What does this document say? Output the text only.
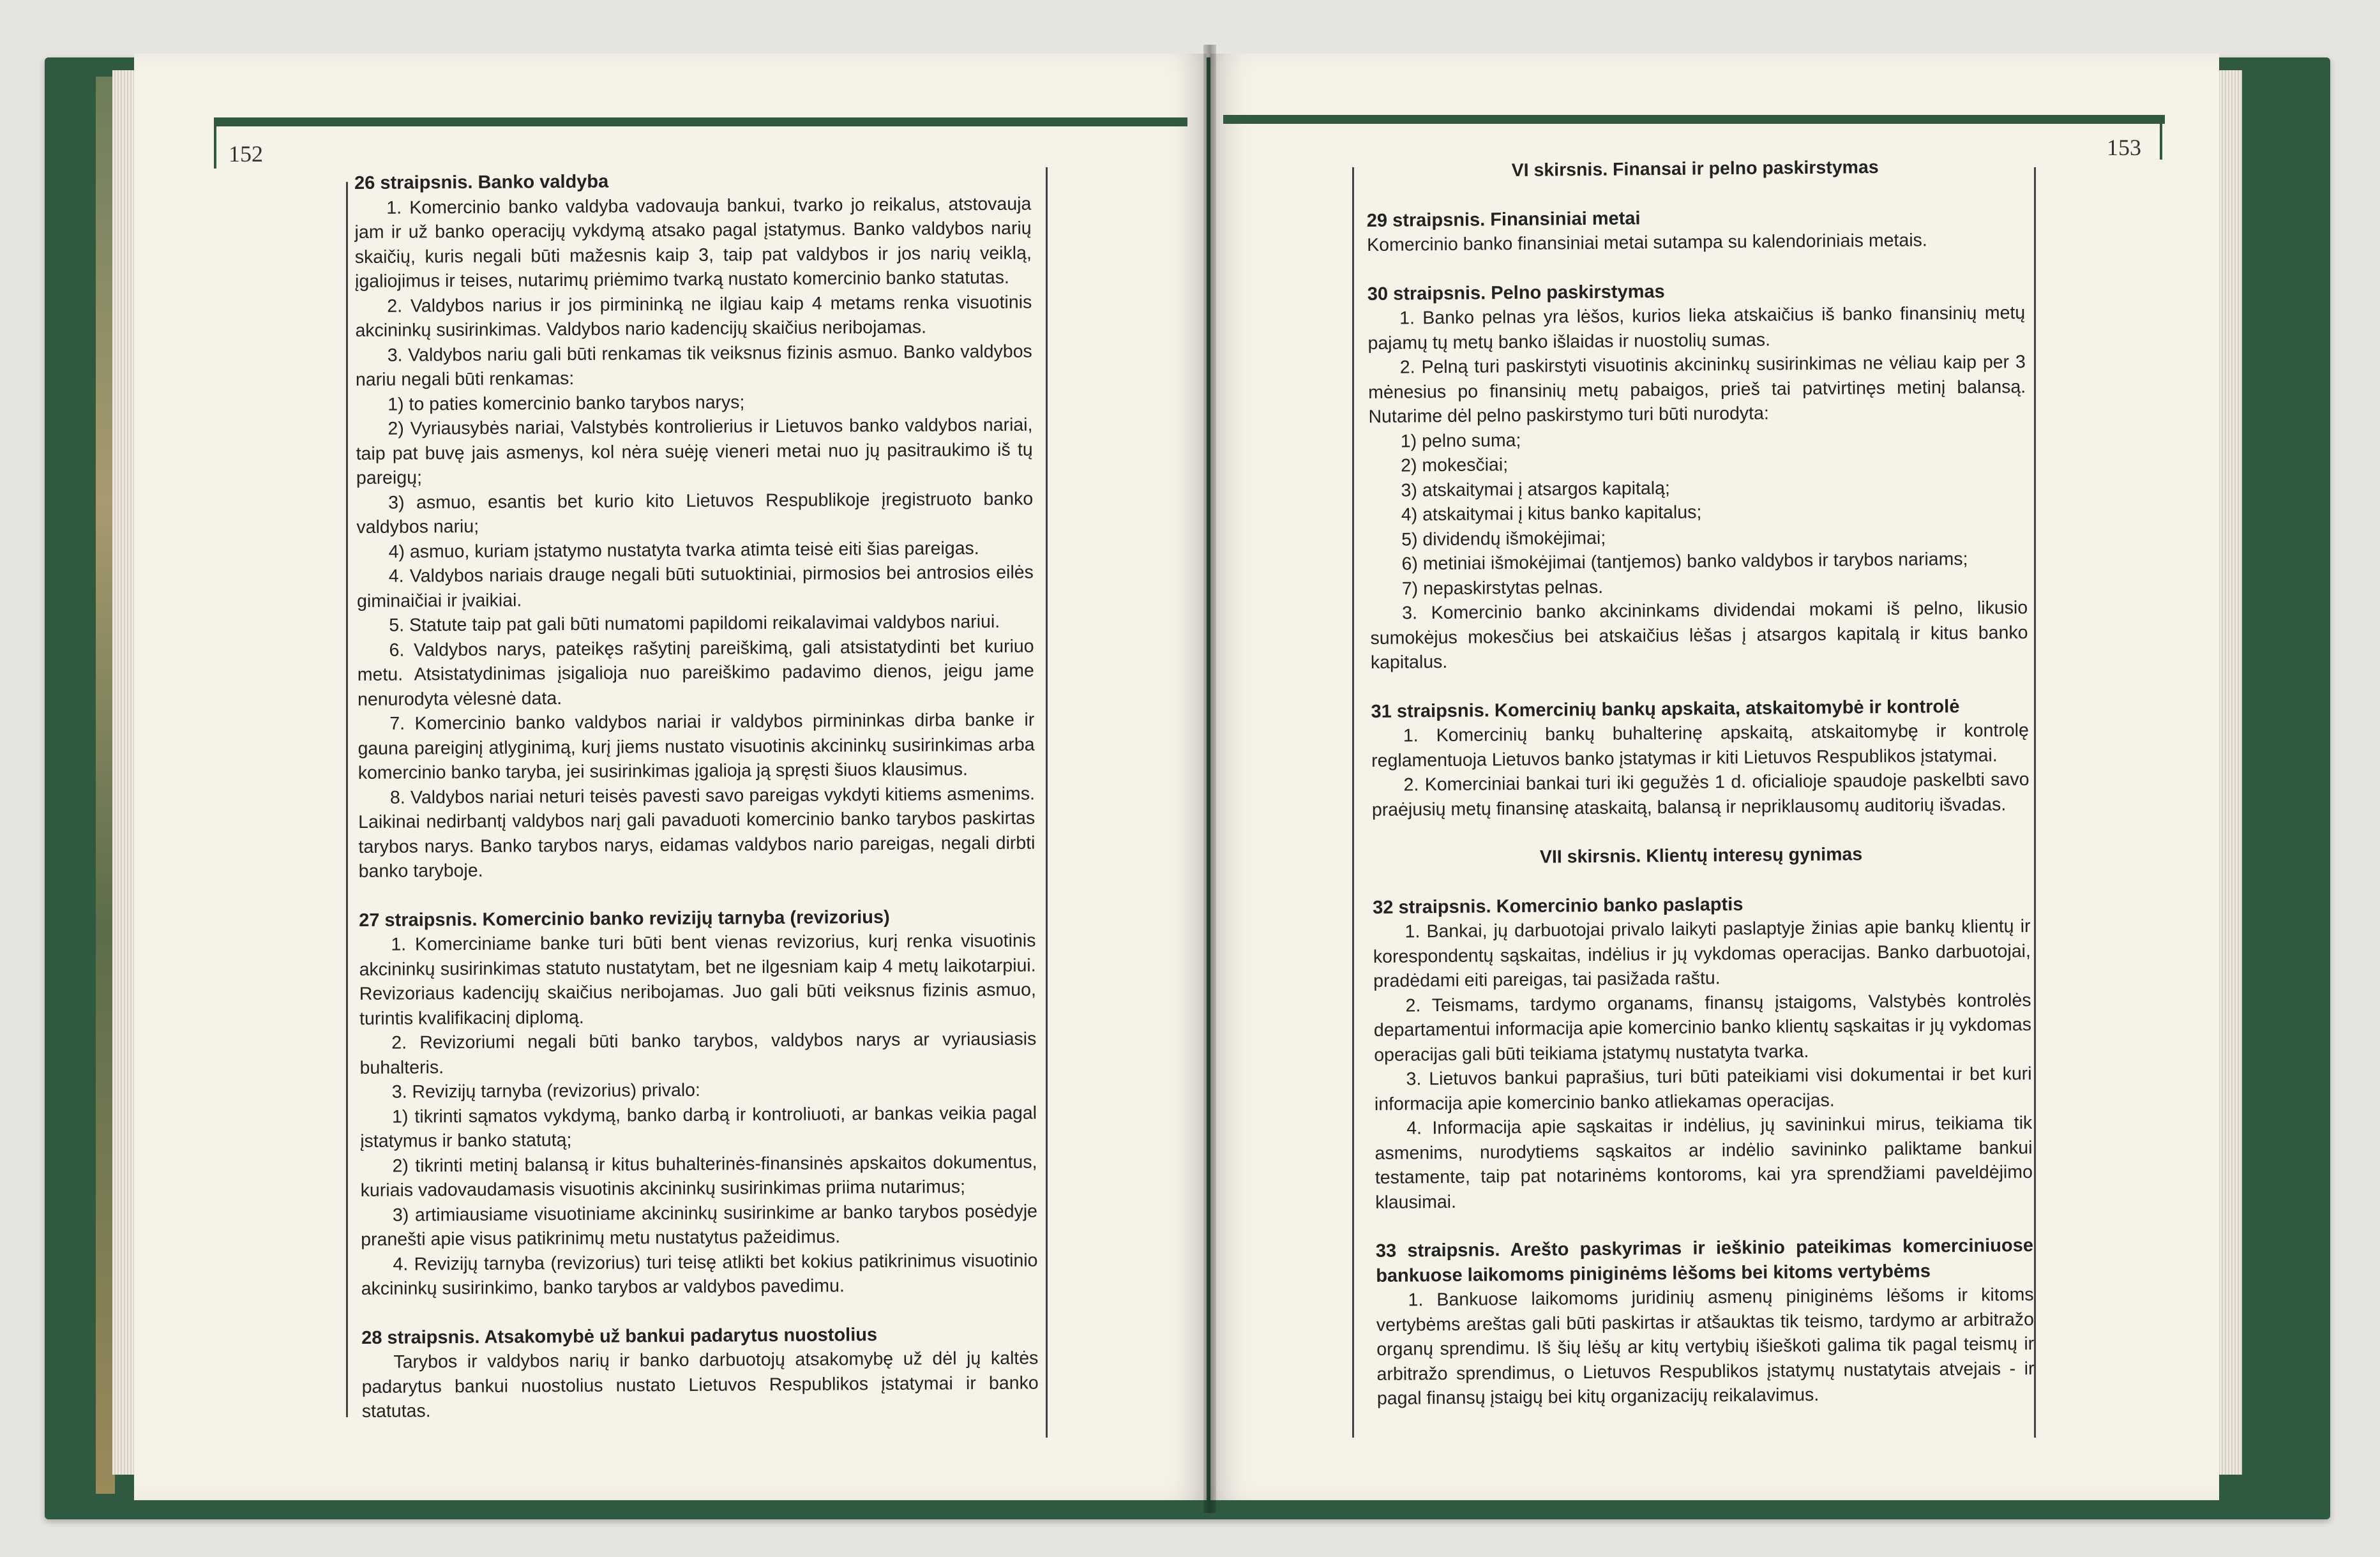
152	153

26 straipsnis. Banko valdyba

1. Komercinio banko valdyba vadovauja bankui, tvarko jo reikalus, atstovauja jam ir už banko operacijų vykdymą atsako pagal įstatymus. Banko valdybos narių skaičių, kuris negali būti mažesnis kaip 3, taip pat valdybos ir jos narių veiklą, įgaliojimus ir teises, nutarimų priėmimo tvarką nustato komercinio banko statutas.

2. Valdybos narius ir jos pirmininką ne ilgiau kaip 4 metams renka visuotinis akcininkų susirinkimas. Valdybos nario kadencijų skaičius neribojamas.

3. Valdybos nariu gali būti renkamas tik veiksnus fizinis asmuo. Banko valdybos nariu negali būti renkamas:

1) to paties komercinio banko tarybos narys;

2) Vyriausybės nariai, Valstybės kontrolierius ir Lietuvos banko valdybos nariai, taip pat buvę jais asmenys, kol nėra suėję vieneri metai nuo jų pasitraukimo iš tų pareigų;

3) asmuo, esantis bet kurio kito Lietuvos Respublikoje įregistruoto banko valdybos nariu;

4) asmuo, kuriam įstatymo nustatyta tvarka atimta teisė eiti šias pareigas.

4. Valdybos nariais drauge negali būti sutuoktiniai, pirmosios bei antrosios eilės giminaičiai ir įvaikiai.

5. Statute taip pat gali būti numatomi papildomi reikalavimai valdybos nariui.

6. Valdybos narys, pateikęs rašytinį pareiškimą, gali atsistatydinti bet kuriuo metu. Atsistatydinimas įsigalioja nuo pareiškimo padavimo dienos, jeigu jame nenurodyta vėlesnė data.

7. Komercinio banko valdybos nariai ir valdybos pirmininkas dirba banke ir gauna pareiginį atlyginimą, kurį jiems nustato visuotinis akcininkų susirinkimas arba komercinio banko taryba, jei susirinkimas įgalioja ją spręsti šiuos klausimus.

8. Valdybos nariai neturi teisės pavesti savo pareigas vykdyti kitiems asmenims. Laikinai nedirbantį valdybos narį gali pavaduoti komercinio banko tarybos paskirtas tarybos narys. Banko tarybos narys, eidamas valdybos nario pareigas, negali dirbti banko taryboje.

27 straipsnis. Komercinio banko revizijų tarnyba (revizorius)

1. Komerciniame banke turi būti bent vienas revizorius, kurį renka visuotinis akcininkų susirinkimas statuto nustatytam, bet ne ilgesniam kaip 4 metų laikotarpiui. Revizoriaus kadencijų skaičius neribojamas. Juo gali būti veiksnus fizinis asmuo, turintis kvalifikacinį diplomą.

2. Revizoriumi negali būti banko tarybos, valdybos narys ar vyriausiasis buhalteris.

3. Revizijų tarnyba (revizorius) privalo:

1) tikrinti sąmatos vykdymą, banko darbą ir kontroliuoti, ar bankas veikia pagal įstatymus ir banko statutą;

2) tikrinti metinį balansą ir kitus buhalterinės-finansinės apskaitos dokumentus, kuriais vadovaudamasis visuotinis akcininkų susirinkimas priima nutarimus;

3) artimiausiame visuotiniame akcininkų susirinkime ar banko tarybos posėdyje pranešti apie visus patikrinimų metu nustatytus pažeidimus.

4. Revizijų tarnyba (revizorius) turi teisę atlikti bet kokius patikrinimus visuotinio akcininkų susirinkimo, banko tarybos ar valdybos pavedimu.

28 straipsnis. Atsakomybė už bankui padarytus nuostolius

Tarybos ir valdybos narių ir banko darbuotojų atsakomybę už dėl jų kaltės padarytus bankui nuostolius nustato Lietuvos Respublikos įstatymai ir banko statutas.

VI skirsnis. Finansai ir pelno paskirstymas

29 straipsnis. Finansiniai metai

Komercinio banko finansiniai metai sutampa su kalendoriniais metais.

30 straipsnis. Pelno paskirstymas

1. Banko pelnas yra lėšos, kurios lieka atskaičius iš banko finansinių metų pajamų tų metų banko išlaidas ir nuostolių sumas.

2. Pelną turi paskirstyti visuotinis akcininkų susirinkimas ne vėliau kaip per 3 mėnesius po finansinių metų pabaigos, prieš tai patvirtinęs metinį balansą. Nutarime dėl pelno paskirstymo turi būti nurodyta:

1) pelno suma;

2) mokesčiai;

3) atskaitymai į atsargos kapitalą;

4) atskaitymai į kitus banko kapitalus;

5) dividendų išmokėjimai;

6) metiniai išmokėjimai (tantjemos) banko valdybos ir tarybos nariams;

7) nepaskirstytas pelnas.

3. Komercinio banko akcininkams dividendai mokami iš pelno, likusio sumokėjus mokesčius bei atskaičius lėšas į atsargos kapitalą ir kitus banko kapitalus.

31 straipsnis. Komercinių bankų apskaita, atskaitomybė ir kontrolė

1. Komercinių bankų buhalterinę apskaitą, atskaitomybę ir kontrolę reglamentuoja Lietuvos banko įstatymas ir kiti Lietuvos Respublikos įstatymai.

2. Komerciniai bankai turi iki gegužės 1 d. oficialioje spaudoje paskelbti savo praėjusių metų finansinę ataskaitą, balansą ir nepriklausomų auditorių išvadas.

VII skirsnis. Klientų interesų gynimas

32 straipsnis. Komercinio banko paslaptis

1. Bankai, jų darbuotojai privalo laikyti paslaptyje žinias apie bankų klientų ir korespondentų sąskaitas, indėlius ir jų vykdomas operacijas. Banko darbuotojai, pradėdami eiti pareigas, tai pasižada raštu.

2. Teismams, tardymo organams, finansų įstaigoms, Valstybės kontrolės departamentui informacija apie komercinio banko klientų sąskaitas ir jų vykdomas operacijas gali būti teikiama įstatymų nustatyta tvarka.

3. Lietuvos bankui paprašius, turi būti pateikiami visi dokumentai ir bet kuri informacija apie komercinio banko atliekamas operacijas.

4. Informacija apie sąskaitas ir indėlius, jų savininkui mirus, teikiama tik asmenims, nurodytiems sąskaitos ar indėlio savininko paliktame bankui testamente, taip pat notarinėms kontoroms, kai yra sprendžiami paveldėjimo klausimai.

33 straipsnis. Arešto paskyrimas ir ieškinio pateikimas komerciniuose bankuose laikomoms piniginėms lėšoms bei kitoms vertybėms

1. Bankuose laikomoms juridinių asmenų piniginėms lėšoms ir kitoms vertybėms areštas gali būti paskirtas ir atšauktas tik teismo, tardymo ar arbitražo organų sprendimu. Iš šių lėšų ar kitų vertybių išieškoti galima tik pagal teismų ir arbitražo sprendimus, o Lietuvos Respublikos įstatymų nustatytais atvejais - ir pagal finansų įstaigų bei kitų organizacijų reikalavimus.
